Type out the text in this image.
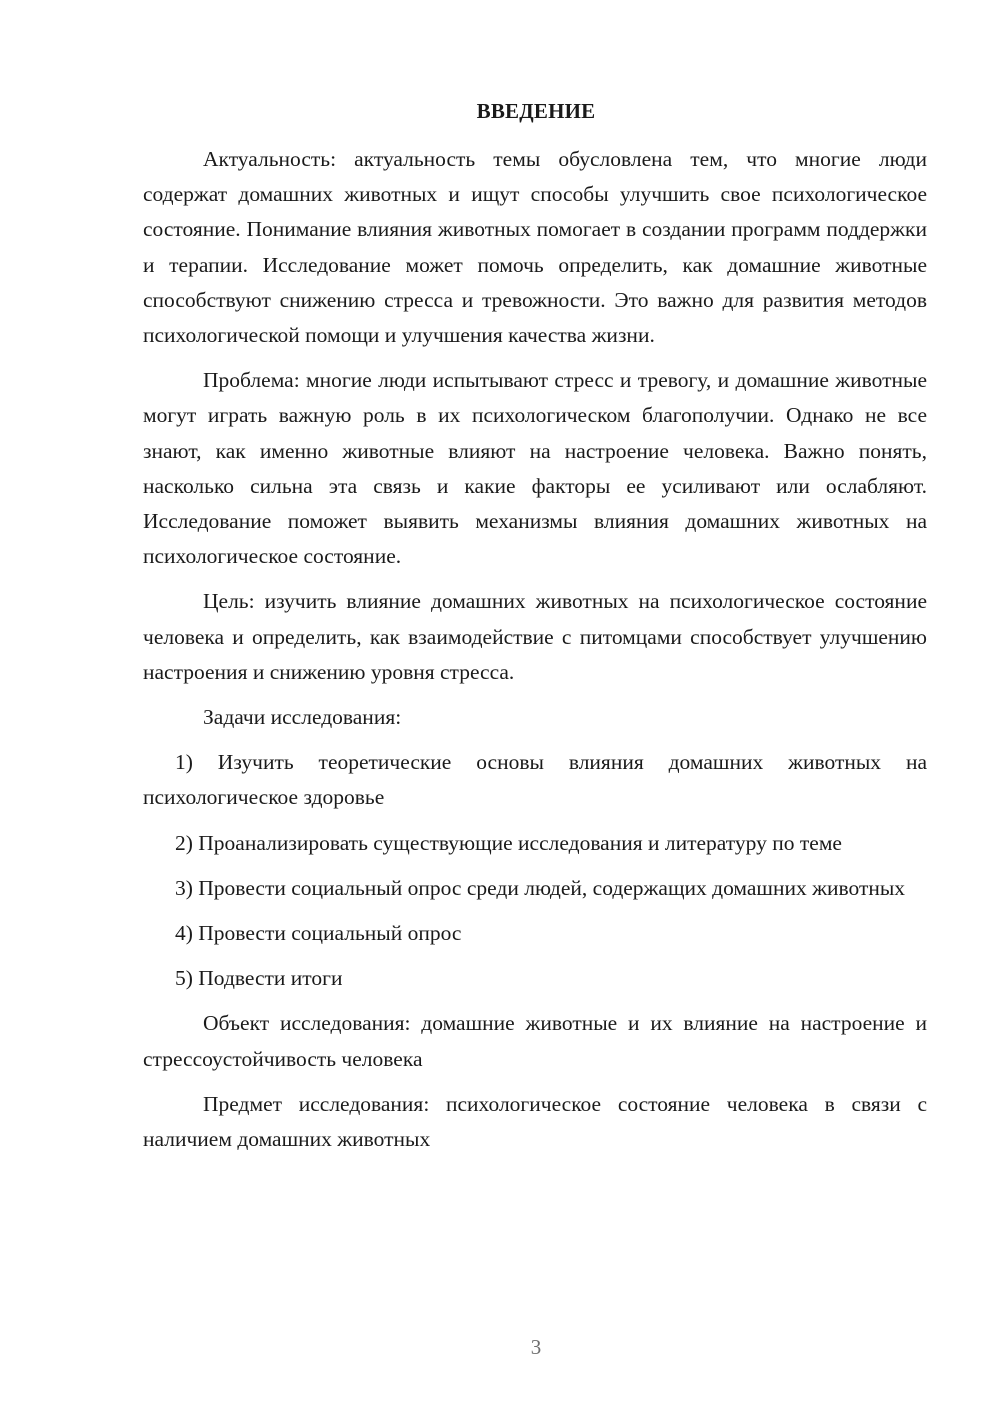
ВВЕДЕНИЕ

Актуальность: актуальность темы обусловлена тем, что многие люди содержат домашних животных и ищут способы улучшить свое психологическое состояние. Понимание влияния животных помогает в создании программ поддержки и терапии. Исследование может помочь определить, как домашние животные способствуют снижению стресса и тревожности. Это важно для развития методов психологической помощи и улучшения качества жизни.

Проблема: многие люди испытывают стресс и тревогу, и домашние животные могут играть важную роль в их психологическом благополучии. Однако не все знают, как именно животные влияют на настроение человека. Важно понять, насколько сильна эта связь и какие факторы ее усиливают или ослабляют. Исследование поможет выявить механизмы влияния домашних животных на психологическое состояние.

Цель: изучить влияние домашних животных на психологическое состояние человека и определить, как взаимодействие с питомцами способствует улучшению настроения и снижению уровня стресса.

Задачи исследования:

1) Изучить теоретические основы влияния домашних животных на психологическое здоровье

2) Проанализировать существующие исследования и литературу по теме

3) Провести социальный опрос среди людей, содержащих домашних животных

4) Провести социальный опрос

5) Подвести итоги

Объект исследования: домашние животные и их влияние на настроение и стрессоустойчивость человека

Предмет исследования: психологическое состояние человека в связи с наличием домашних животных

3
